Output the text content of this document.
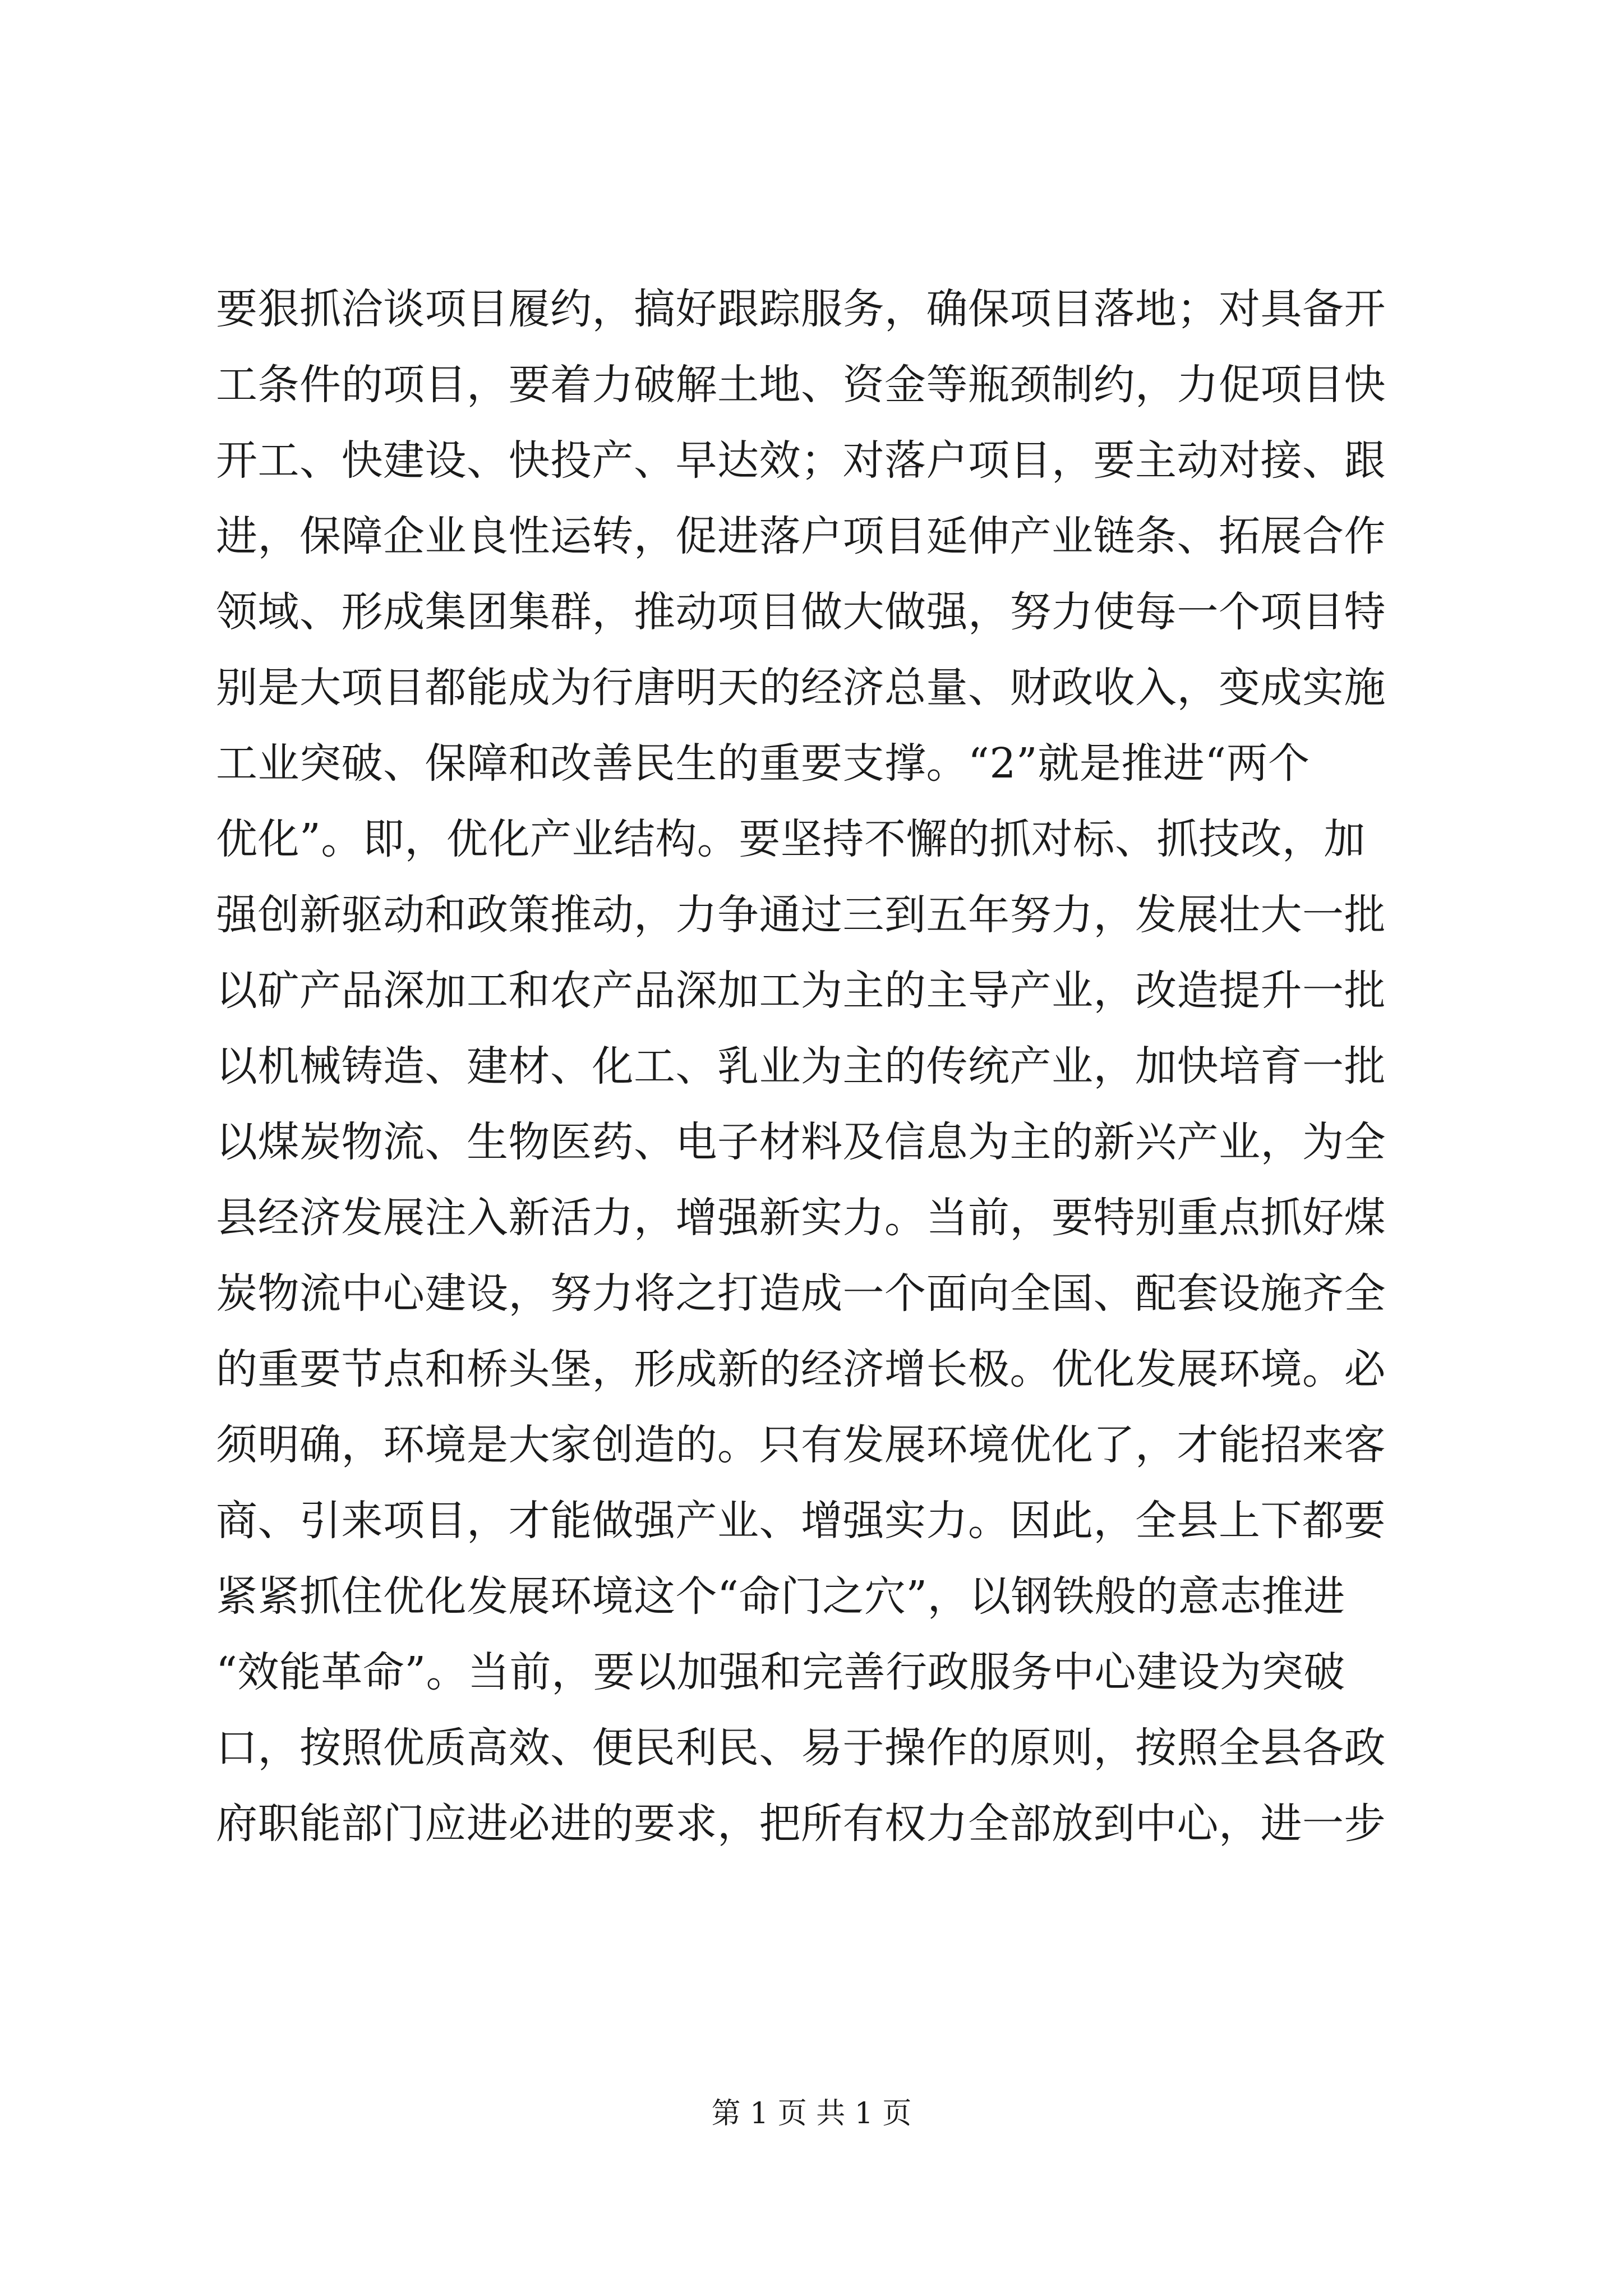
要狠抓洽谈项目履约，搞好跟踪服务，确保项目落地；对具备开
工条件的项目，要着力破解土地、资金等瓶颈制约，力促项目快
开工、快建设、快投产、早达效；对落户项目，要主动对接、跟
进，保障企业良性运转，促进落户项目延伸产业链条、拓展合作
领域、形成集团集群，推动项目做大做强，努力使每一个项目特
别是大项目都能成为行唐明天的经济总量、财政收入，变成实施
工业突破、保障和改善民生的重要支撑。“2”就是推进“两个
优化”。即，优化产业结构。要坚持不懈的抓对标、抓技改，加
强创新驱动和政策推动，力争通过三到五年努力，发展壮大一批
以矿产品深加工和农产品深加工为主的主导产业，改造提升一批
以机械铸造、建材、化工、乳业为主的传统产业，加快培育一批
以煤炭物流、生物医药、电子材料及信息为主的新兴产业，为全
县经济发展注入新活力，增强新实力。当前，要特别重点抓好煤
炭物流中心建设，努力将之打造成一个面向全国、配套设施齐全
的重要节点和桥头堡，形成新的经济增长极。优化发展环境。必
须明确，环境是大家创造的。只有发展环境优化了，才能招来客
商、引来项目，才能做强产业、增强实力。因此，全县上下都要
紧紧抓住优化发展环境这个“命门之穴”，以钢铁般的意志推进
“效能革命”。当前，要以加强和完善行政服务中心建设为突破
口，按照优质高效、便民利民、易于操作的原则，按照全县各政
府职能部门应进必进的要求，把所有权力全部放到中心，进一步
第 1 页 共 1 页
